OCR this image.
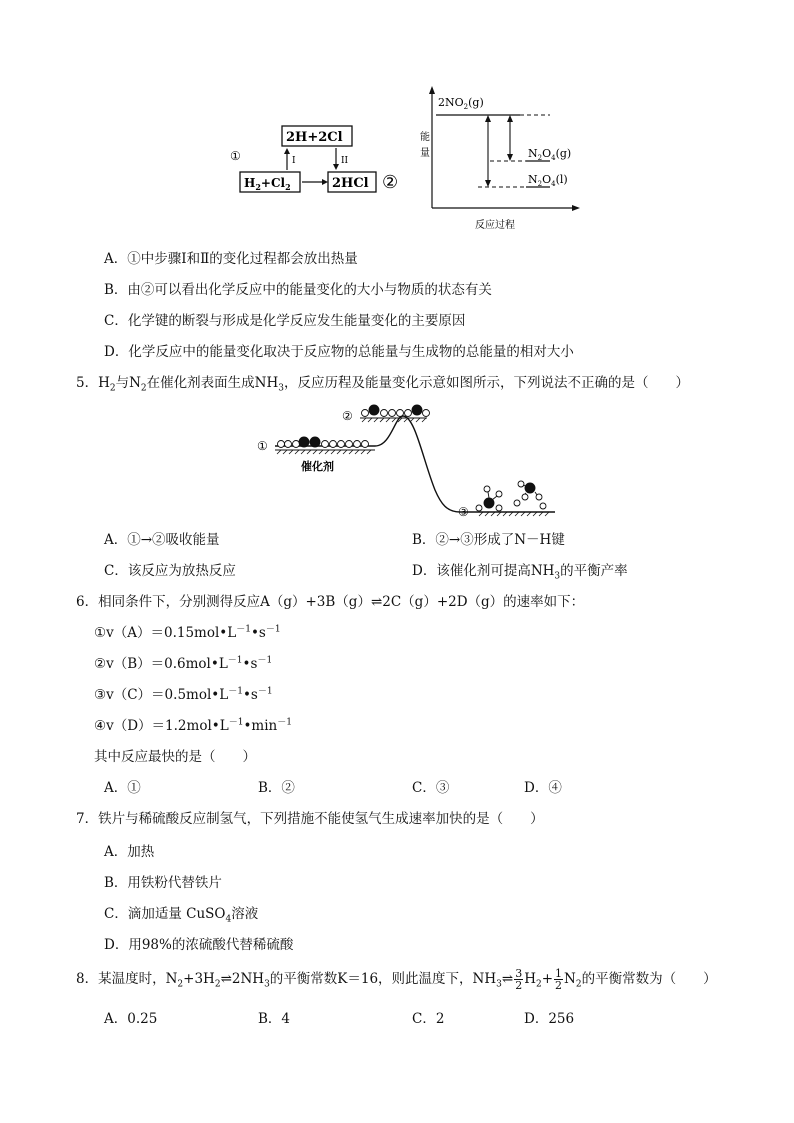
①
2H+2Cl
I	II
$H_2+Cl_2$	2HCl ②
能
量
反应过程
$2NO_2(g)$
$N_2O_4(g)$
$N_2O_4(l)$
A．①中步骤Ⅰ和Ⅱ的变化过程都会放出热量
B．由②可以看出化学反应中的能量变化的大小与物质的状态有关
C．化学键的断裂与形成是化学反应发生能量变化的主要原因
D．化学反应中的能量变化取决于反应物的总能量与生成物的总能量的相对大小
5．$H_2$与$N_2$在催化剂表面生成$NH_3$，反应历程及能量变化示意如图所示，下列说法不正确的是（　　）
①
②
③
催化剂
A．①→②吸收能量	B．②→③形成了N－H键
C．该反应为放热反应	D．该催化剂可提高$NH_3$的平衡产率
6．相同条件下，分别测得反应A（g）+3B（g）⇌2C（g）+2D（g）的速率如下：
$①v(A)=0.15mol•L^{-1}•s^{-1}$
$②v(B)=0.6mol•L^{-1}•s^{-1}$
$③v(C)=0.5mol•L^{-1}•s^{-1}$
$④v(D)=1.2mol•L^{-1}•\min^{-1}$
其中反应最快的是（　　）
A．①	B．②	C．③	D．④
7．铁片与稀硫酸反应制氢气，下列措施不能使氢气生成速率加快的是（　　）
A．加热
B．用铁粉代替铁片
C．滴加适量 CuSO$_4$溶液
D．用98%的浓硫酸代替稀硫酸
8．某温度时，$N_2+3H_2\rightleftharpoons 2NH_3$的平衡常数K＝16，则此温度下，$NH_3\rightleftharpoons \frac{3}{2} H_2+ \frac{1}{2} N_2$的平衡常数为（　　）
A．0.25	B．4	C．2	D．256
